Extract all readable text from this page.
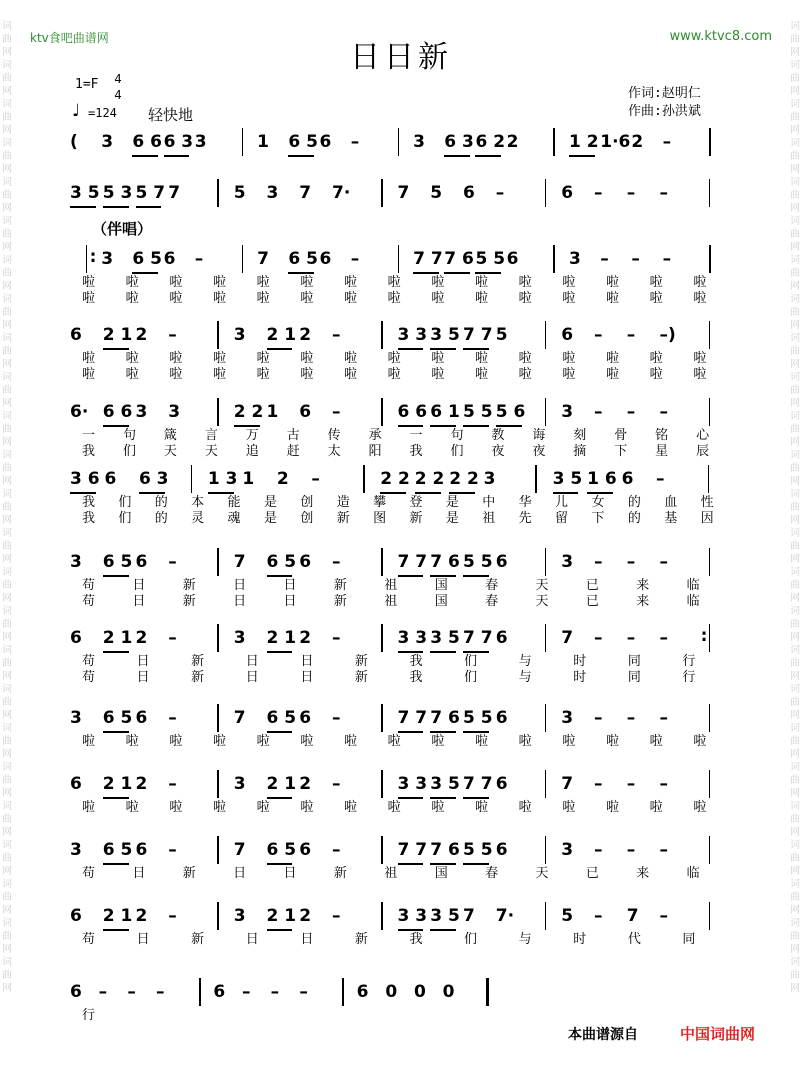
词曲网词曲网词曲网词曲网词曲网词曲网词曲网词曲网词曲网词曲网词曲网词曲网词曲网词曲网词曲网词曲网词曲网词曲网词曲网词曲网词曲网词曲网词曲网词曲网词曲网
词曲网词曲网词曲网词曲网词曲网词曲网词曲网词曲网词曲网词曲网词曲网词曲网词曲网词曲网词曲网词曲网词曲网词曲网词曲网词曲网词曲网词曲网词曲网词曲网词曲网
ktv食吧曲谱网	www.ktvc8.com
日日新
1=F 4
4
♩ =124 轻快地
作词:赵明仁
作曲:孙洪斌
（伴唱）
( 3 6 6 6 3 3	1 6 5 6 –	3 6 3 6 2 2	1 2 1·6 2 –
3 5 5 3 5 7 7	5 3 7 7·	7 5 6 –	6 – – –
: 3 6 5 6 –	7 6 5 6 –	7 7 7 6 5 5 6	3 – – –
啦 啦 啦 啦 啦 啦 啦 啦 啦 啦 啦 啦 啦 啦 啦
啦 啦 啦 啦 啦 啦 啦 啦 啦 啦 啦 啦 啦 啦 啦
6 2 1 2 –	3 2 1 2 –	3 3 3 5 7 7 5	6 – – –)
啦 啦 啦 啦 啦 啦 啦 啦 啦 啦 啦 啦 啦 啦 啦
啦 啦 啦 啦 啦 啦 啦 啦 啦 啦 啦 啦 啦 啦 啦
6· 6 6 3 3	2 2 1 6 –	6 6 6 1 5 5 5 6 3 – – –
一 句 箴 言 万 古 传 承 一 句 教 诲 刻 骨 铭 心
我 们 天 天 追 赶 太 阳 我 们 夜 夜 摘 下 星 辰
3 6 6 6 3 1 3 1 2 –	2 2 2 2 2 2 3	3 5 1 6 6 –
我 们 的 本 能 是 创 造 攀 登 是 中 华 儿 女 的 血 性
我 们 的 灵 魂 是 创 新 图 新 是 祖 先 留 下 的 基 因
3 6 5 6 –	7 6 5 6 –	7 7 7 6 5 5 6	3 – – –
苟	日	新	日	日	新	祖	国	春	天	已	来	临
苟	日	新	日	日	新	祖	国	春	天	已	来	临
6 2 1 2 –	3 2 1 2 –	3 3 3 5 7 7 6	7 – – – :
苟	日	新	日	日	新	我	们	与	时	同	行
苟	日	新	日	日	新	我	们	与	时	同	行
3 6 5 6 –	7 6 5 6 –	7 7 7 6 5 5 6	3 – – –
啦 啦 啦 啦 啦 啦 啦 啦 啦 啦 啦 啦 啦 啦 啦
6 2 1 2 –	3 2 1 2 –	3 3 3 5 7 7 6	7 – – –
啦 啦 啦 啦 啦 啦 啦 啦 啦 啦 啦 啦 啦 啦 啦
3 6 5 6 –	7 6 5 6 –	7 7 7 6 5 5 6	3 – – –
苟	日	新	日	日	新	祖	国	春	天	已	来	临
6 2 1 2 –	3 2 1 2 –	3 3 3 5 7 7·	5 – 7 –
苟	日	新	日	日	新	我	们	与	时	代	同
6 – – –	6 – – –	6 0 0 0
行
本曲谱源自	中国词曲网
